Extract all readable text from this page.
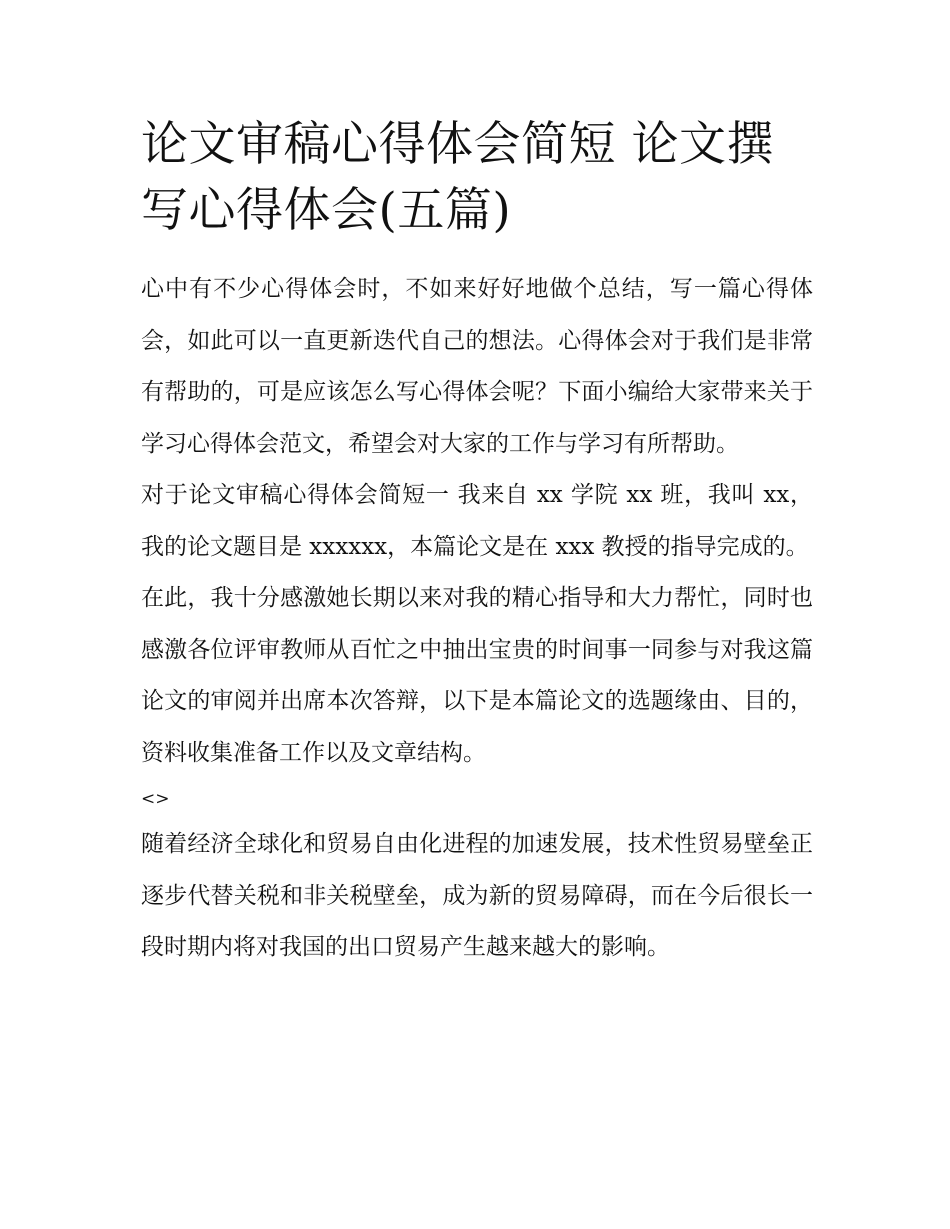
论文审稿心得体会简短 论文撰写心得体会(五篇)

心中有不少心得体会时，不如来好好地做个总结，写一篇心得体会，如此可以一直更新迭代自己的想法。心得体会对于我们是非常有帮助的，可是应该怎么写心得体会呢？下面小编给大家带来关于学习心得体会范文，希望会对大家的工作与学习有所帮助。

对于论文审稿心得体会简短一 我来自 xx 学院 xx 班，我叫 xx，我的论文题目是 xxxxxx，本篇论文是在 xxx 教授的指导完成的。

在此，我十分感激她长期以来对我的精心指导和大力帮忙，同时也感激各位评审教师从百忙之中抽出宝贵的时间事一同参与对我这篇论文的审阅并出席本次答辩，以下是本篇论文的选题缘由、目的，资料收集准备工作以及文章结构。

<>

随着经济全球化和贸易自由化进程的加速发展，技术性贸易壁垒正逐步代替关税和非关税壁垒，成为新的贸易障碍，而在今后很长一段时期内将对我国的出口贸易产生越来越大的影响。
